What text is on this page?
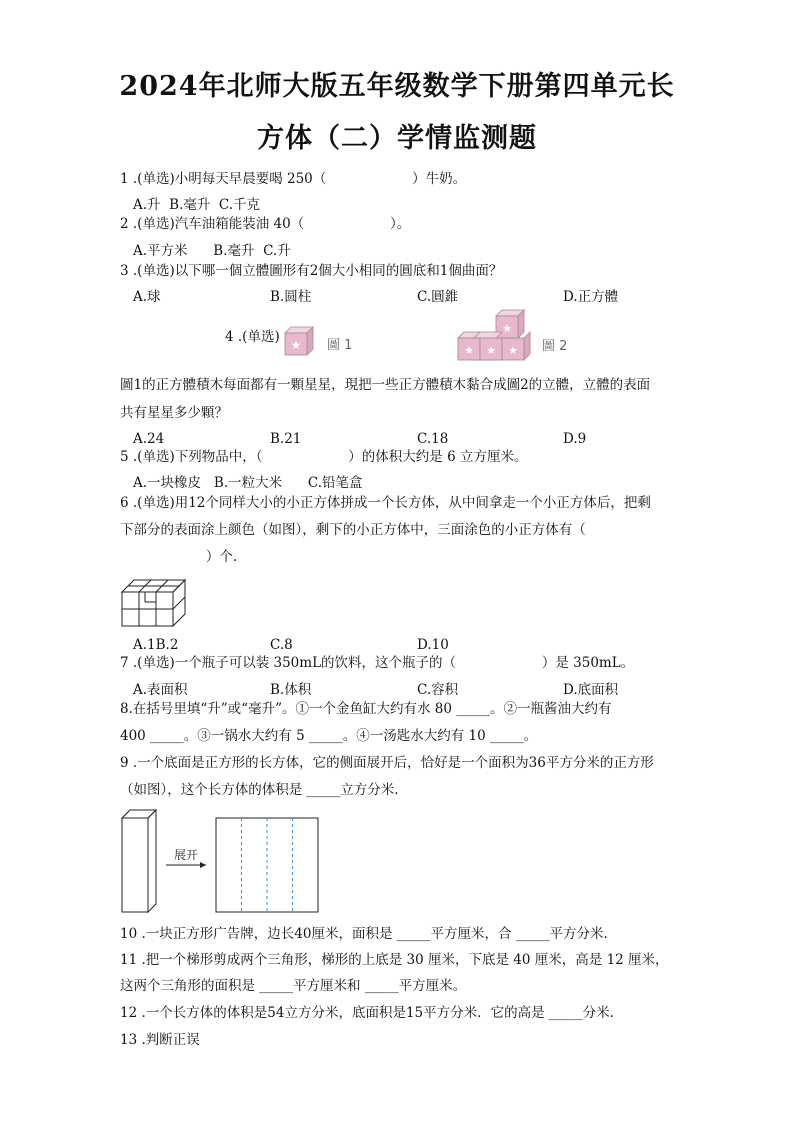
2024年北师大版五年级数学下册第四单元长
方体（二）学情监测题
1 .(单选)小明每天早晨要喝 250（                    ）牛奶。
A.升  B.毫升  C.千克
2 .(单选)汽车油箱能装油 40（                    ）。
A.平方米      B.毫升  C.升
3 .(单选)以下哪一個立體圖形有2個大小相同的圓底和1個曲面？
A.球	B.圆柱	C.圓錐	D.正方體
4 .(单选) ★ 圖 1
★
★ ★ ★ 圖 2
圖1的正方體積木每面都有一顆星星，現把一些正方體積木黏合成圖2的立體，立體的表面
共有星星多少顆？
A.24	B.21	C.18	D.9
5 .(单选)下列物品中，（                    ）的体积大约是 6 立方厘米。
A.一块橡皮   B.一粒大米      C.铅笔盒
6 .(单选)用12个同样大小的小正方体拼成一个长方体，从中间拿走一个小正方体后，把剩
下部分的表面涂上颜色（如图），剩下的小正方体中，三面涂色的小正方体有（
）个.
A.1B.2	C.8	D.10
7 .(单选)一个瓶子可以装 350mL的饮料，这个瓶子的（                    ）是 350mL。
A.表面积	B.体积	C.容积	D.底面积
8.在括号里填“升”或“毫升”。①一个金鱼缸大约有水 80 _____。②一瓶酱油大约有
400 _____。③一锅水大约有 5 _____。④一汤匙水大约有 10 _____。
9 .一个底面是正方形的长方体，它的侧面展开后，恰好是一个面积为36平方分米的正方形
（如图），这个长方体的体积是 _____立方分米.
展开
10 .一块正方形广告牌，边长40厘米，面积是 _____平方厘米，合 _____平方分米.
11 .把一个梯形剪成两个三角形，梯形的上底是 30 厘米，下底是 40 厘米，高是 12 厘米，
这两个三角形的面积是 _____平方厘米和 _____平方厘米。
12 .一个长方体的体积是54立方分米，底面积是15平方分米．它的高是 _____分米.
13 .判断正误
